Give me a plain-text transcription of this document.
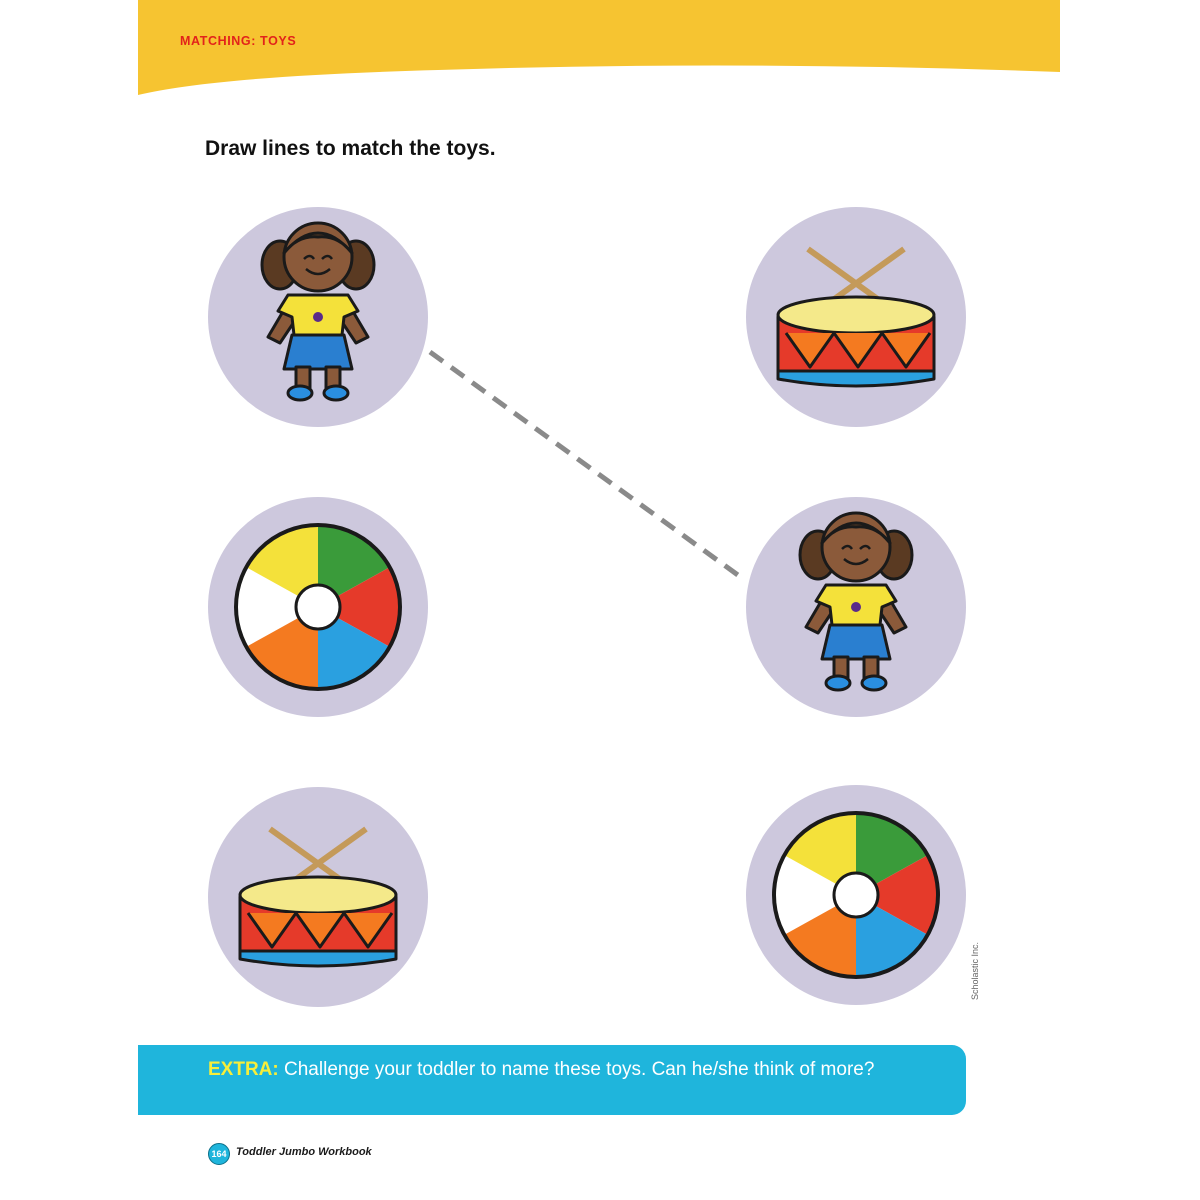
MATCHING: TOYS
Draw lines to match the toys.
Scholastic Inc.
EXTRA: Challenge your toddler to name these toys. Can he/she think of more?
164 Toddler Jumbo Workbook
